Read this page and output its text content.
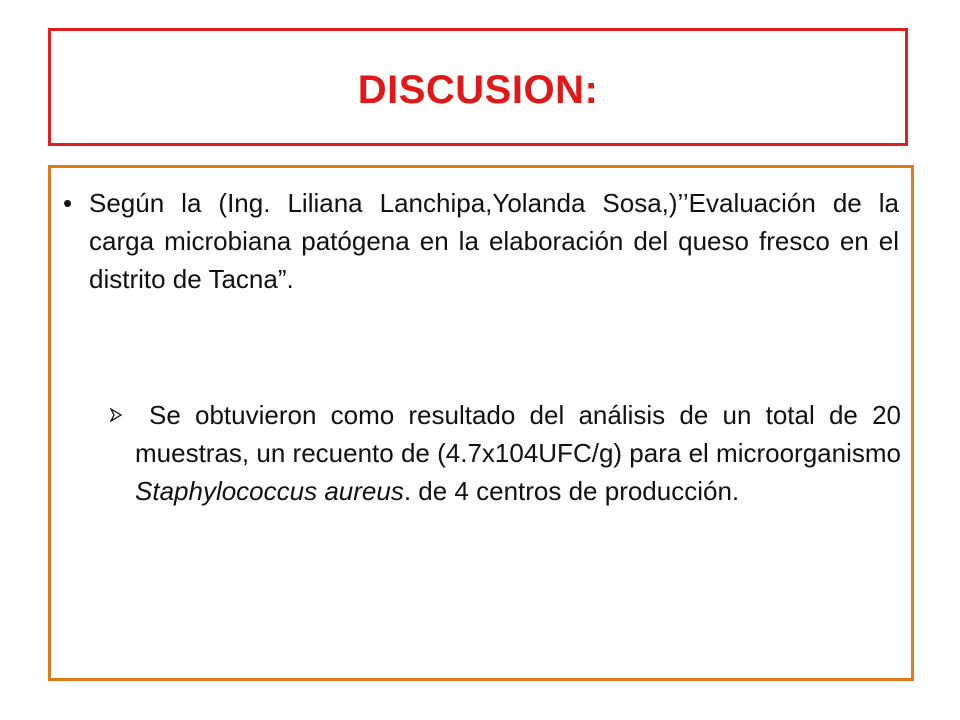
DISCUSION:
• Según la (Ing. Liliana Lanchipa,Yolanda Sosa,)’’Evaluación de la carga microbiana patógena en la elaboración del queso fresco en el distrito de Tacna”.
Se obtuvieron como resultado del análisis de un total de 20 muestras, un recuento de (4.7x104UFC/g) para el microorganismo Staphylococcus aureus. de 4 centros de producción.
